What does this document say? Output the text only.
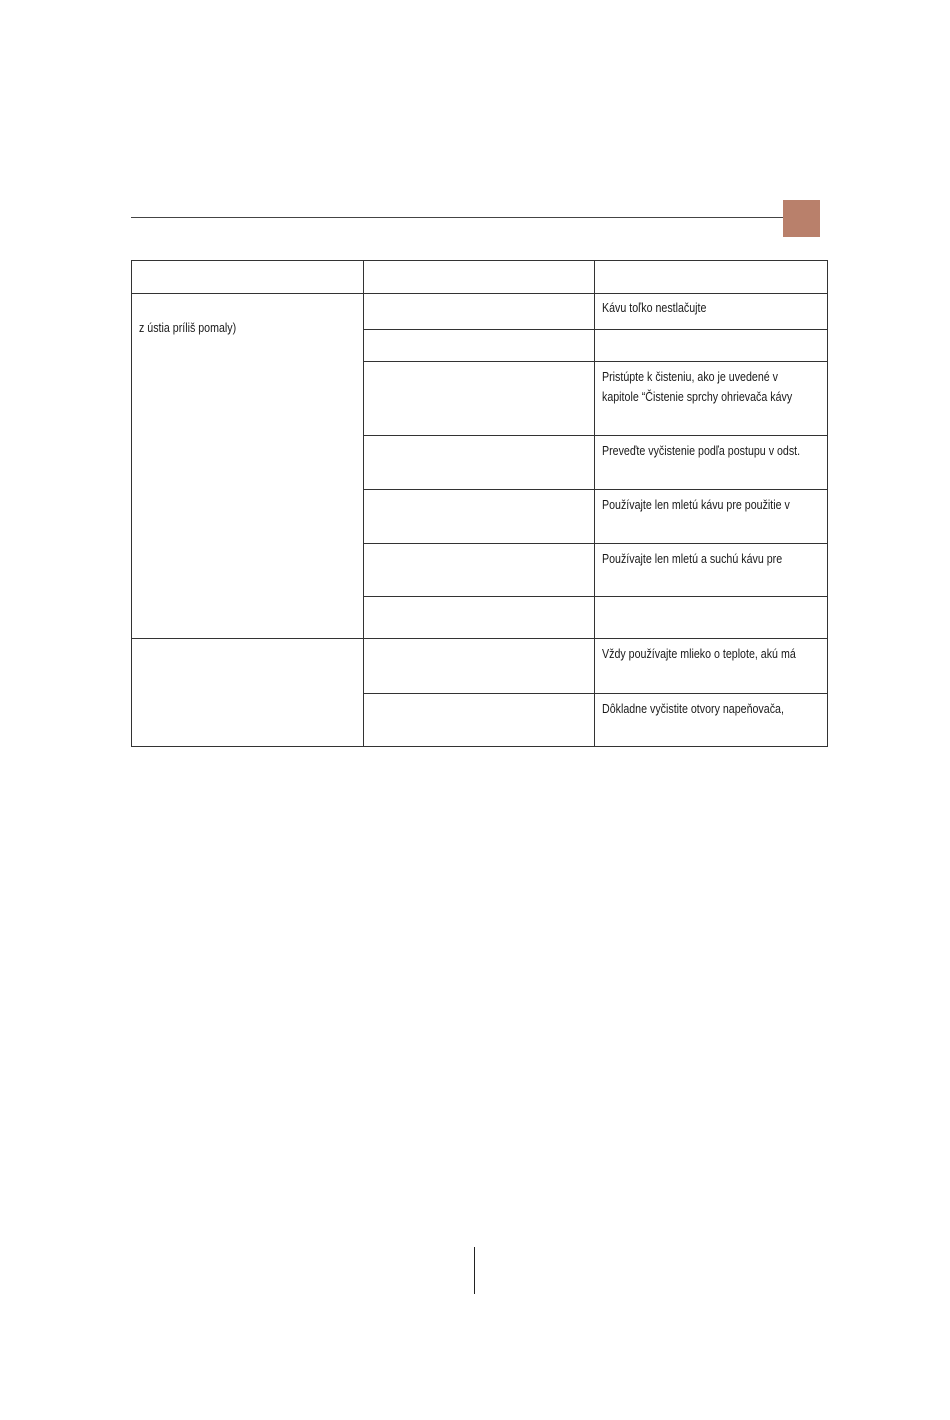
z ústia príliš pomaly)		Kávu toľko nestlačujte

		Pristúpte k čisteniu, ako je uvedené v
kapitole “Čistenie sprchy ohrievača kávy
		Preveďte vyčistenie podľa postupu v odst.
		Používajte len mletú kávu pre použitie v
		Používajte len mletú a suchú kávu pre

		Vždy používajte mlieko o teplote, akú má
		Dôkladne vyčistite otvory napeňovača,
